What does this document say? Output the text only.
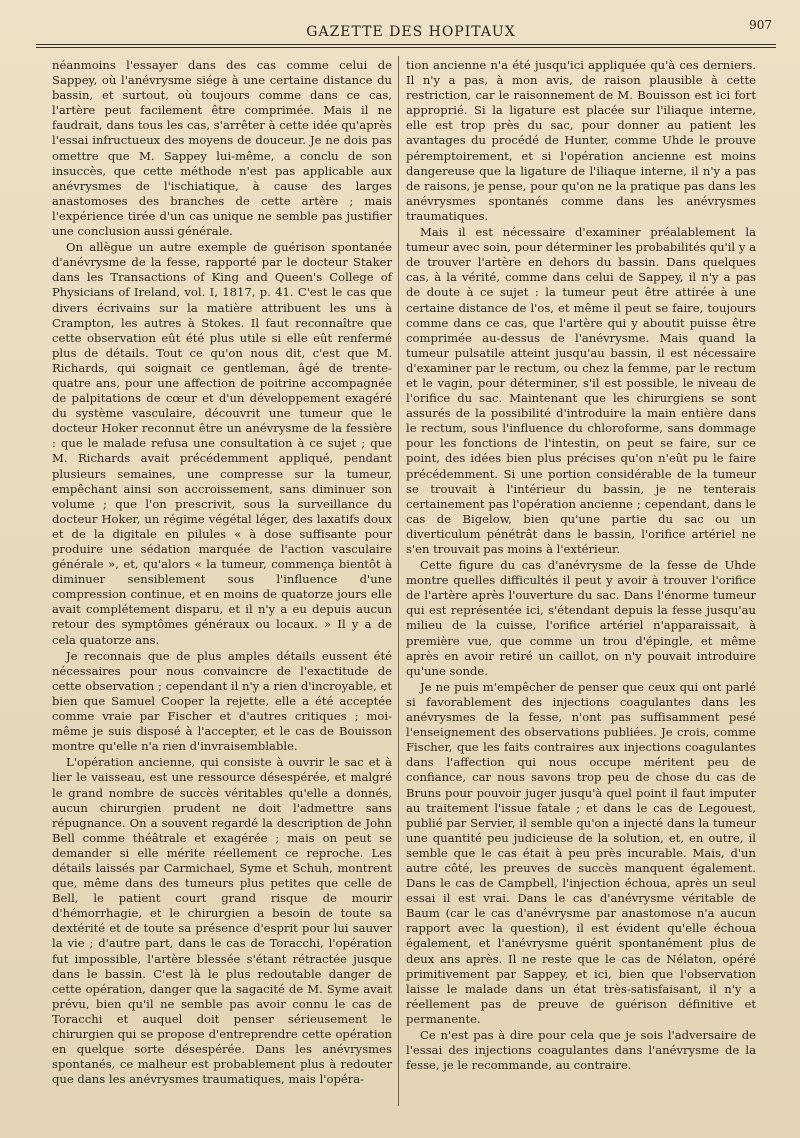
GAZETTE DES HOPITAUX	907

néanmoins l'essayer dans des cas comme celui de Sappey, où l'anévrysme siége à une certaine distance du bassin, et surtout, où toujours comme dans ce cas, l'artère peut facilement être comprimée. Mais il ne faudrait, dans tous les cas, s'arrêter à cette idée qu'après l'essai infructueux des moyens de douceur. Je ne dois pas omettre que M. Sappey lui-même, a conclu de son insuccès, que cette méthode n'est pas applicable aux anévrysmes de l'ischiatique, à cause des larges anastomoses des branches de cette artère ; mais l'expérience tirée d'un cas unique ne semble pas justifier une conclusion aussi générale.

On allègue un autre exemple de guérison spontanée d'anévrysme de la fesse, rapporté par le docteur Staker dans les Transactions of King and Queen's College of Physicians of Ireland, vol. I, 1817, p. 41. C'est le cas que divers écrivains sur la matière attribuent les uns à Crampton, les autres à Stokes. Il faut reconnaître que cette observation eût été plus utile si elle eût renfermé plus de détails. Tout ce qu'on nous dit, c'est que M. Richards, qui soignait ce gentleman, âgé de trente-quatre ans, pour une affection de poitrine accompagnée de palpitations de cœur et d'un développement exagéré du système vasculaire, découvrit une tumeur que le docteur Hoker reconnut être un anévrysme de la fessière : que le malade refusa une consultation à ce sujet ; que M. Richards avait précédemment appliqué, pendant plusieurs semaines, une compresse sur la tumeur, empêchant ainsi son accroissement, sans diminuer son volume ; que l'on prescrivit, sous la surveillance du docteur Hoker, un régime végétal léger, des laxatifs doux et de la digitale en pilules « à dose suffisante pour produire une sédation marquée de l'action vasculaire générale », et, qu'alors « la tumeur, commença bientôt à diminuer sensiblement sous l'influence d'une compression continue, et en moins de quatorze jours elle avait complétement disparu, et il n'y a eu depuis aucun retour des symptômes généraux ou locaux. » Il y a de cela quatorze ans.

Je reconnais que de plus amples détails eussent été nécessaires pour nous convaincre de l'exactitude de cette observation ; cependant il n'y a rien d'incroyable, et bien que Samuel Cooper la rejette, elle a été acceptée comme vraie par Fischer et d'autres critiques ; moi-même je suis disposé à l'accepter, et le cas de Bouisson montre qu'elle n'a rien d'invraisemblable.

L'opération ancienne, qui consiste à ouvrir le sac et à lier le vaisseau, est une ressource désespérée, et malgré le grand nombre de succès véritables qu'elle a donnés, aucun chirurgien prudent ne doit l'admettre sans répugnance. On a souvent regardé la description de John Bell comme théâtrale et exagérée ; mais on peut se demander si elle mérite réellement ce reproche. Les détails laissés par Carmichael, Syme et Schuh, montrent que, même dans des tumeurs plus petites que celle de Bell, le patient court grand risque de mourir d'hémorrhagie, et le chirurgien a besoin de toute sa dextérité et de toute sa présence d'esprit pour lui sauver la vie ; d'autre part, dans le cas de Toracchi, l'opération fut impossible, l'artère blessée s'étant rétractée jusque dans le bassin. C'est là le plus redoutable danger de cette opération, danger que la sagacité de M. Syme avait prévu, bien qu'il ne semble pas avoir connu le cas de Toracchi et auquel doit penser sérieusement le chirurgien qui se propose d'entreprendre cette opération en quelque sorte désespérée. Dans les anévrysmes spontanés, ce malheur est probablement plus à redouter que dans les anévrysmes traumatiques, mais l'opéra-

tion ancienne n'a été jusqu'ici appliquée qu'à ces derniers. Il n'y a pas, à mon avis, de raison plausible à cette restriction, car le raisonnement de M. Bouisson est ici fort approprié. Si la ligature est placée sur l'iliaque interne, elle est trop près du sac, pour donner au patient les avantages du procédé de Hunter, comme Uhde le prouve péremptoirement, et si l'opération ancienne est moins dangereuse que la ligature de l'iliaque interne, il n'y a pas de raisons, je pense, pour qu'on ne la pratique pas dans les anévrysmes spontanés comme dans les anévrysmes traumatiques.

Mais il est nécessaire d'examiner préalablement la tumeur avec soin, pour déterminer les probabilités qu'il y a de trouver l'artère en dehors du bassin. Dans quelques cas, à la vérité, comme dans celui de Sappey, il n'y a pas de doute à ce sujet : la tumeur peut être attirée à une certaine distance de l'os, et même il peut se faire, toujours comme dans ce cas, que l'artère qui y aboutit puisse être comprimée au-dessus de l'anévrysme. Mais quand la tumeur pulsatile atteint jusqu'au bassin, il est nécessaire d'examiner par le rectum, ou chez la femme, par le rectum et le vagin, pour déterminer, s'il est possible, le niveau de l'orifice du sac. Maintenant que les chirurgiens se sont assurés de la possibilité d'introduire la main entière dans le rectum, sous l'influence du chloroforme, sans dommage pour les fonctions de l'intestin, on peut se faire, sur ce point, des idées bien plus précises qu'on n'eût pu le faire précédemment. Si une portion considérable de la tumeur se trouvait à l'intérieur du bassin, je ne tenterais certainement pas l'opération ancienne ; cependant, dans le cas de Bigelow, bien qu'une partie du sac ou un diverticulum pénétrât dans le bassin, l'orifice artériel ne s'en trouvait pas moins à l'extérieur.

Cette figure du cas d'anévrysme de la fesse de Uhde montre quelles difficultés il peut y avoir à trouver l'orifice de l'artère après l'ouverture du sac. Dans l'énorme tumeur qui est représentée ici, s'étendant depuis la fesse jusqu'au milieu de la cuisse, l'orifice artériel n'apparaissait, à première vue, que comme un trou d'épingle, et même après en avoir retiré un caillot, on n'y pouvait introduire qu'une sonde.

Je ne puis m'empêcher de penser que ceux qui ont parlé si favorablement des injections coagulantes dans les anévrysmes de la fesse, n'ont pas suffisamment pesé l'enseignement des observations publiées. Je crois, comme Fischer, que les faits contraires aux injections coagulantes dans l'affection qui nous occupe méritent peu de confiance, car nous savons trop peu de chose du cas de Bruns pour pouvoir juger jusqu'à quel point il faut imputer au traitement l'issue fatale ; et dans le cas de Legouest, publié par Servier, il semble qu'on a injecté dans la tumeur une quantité peu judicieuse de la solution, et, en outre, il semble que le cas était à peu près incurable. Mais, d'un autre côté, les preuves de succès manquent également. Dans le cas de Campbell, l'injection échoua, après un seul essai il est vrai. Dans le cas d'anévrysme véritable de Baum (car le cas d'anévrysme par anastomose n'a aucun rapport avec la question), il est évident qu'elle échoua également, et l'anévrysme guérit spontanément plus de deux ans après. Il ne reste que le cas de Nélaton, opéré primitivement par Sappey, et ici, bien que l'observation laisse le malade dans un état très-satisfaisant, il n'y a réellement pas de preuve de guérison définitive et permanente.

Ce n'est pas à dire pour cela que je sois l'adversaire de l'essai des injections coagulantes dans l'anévrysme de la fesse, je le recommande, au contraire.
